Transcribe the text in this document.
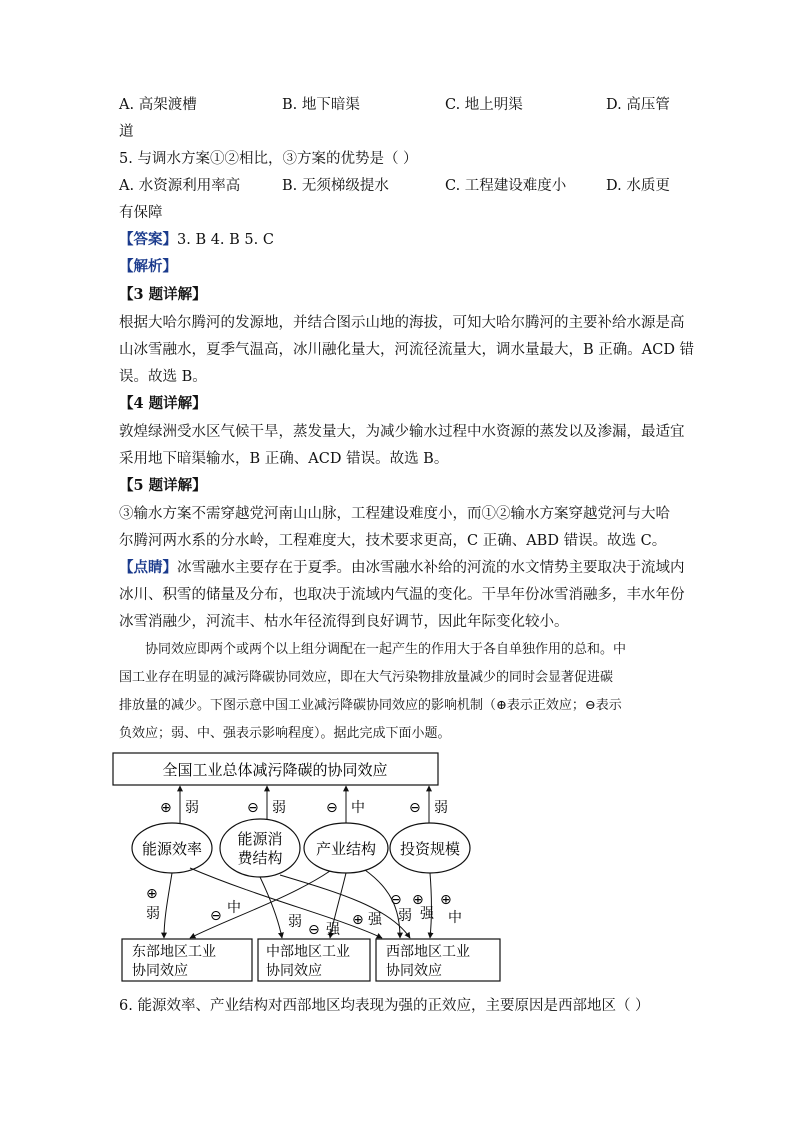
A. 高架渡槽	B. 地下暗渠	C. 地上明渠	D. 高压管
道
5. 与调水方案①②相比，③方案的优势是（ ）
A. 水资源利用率高	B. 无须梯级提水	C. 工程建设难度小	D. 水质更
有保障
【答案】3. B 4. B 5. C
【解析】
【3 题详解】
根据大哈尔腾河的发源地，并结合图示山地的海拔，可知大哈尔腾河的主要补给水源是高
山冰雪融水，夏季气温高，冰川融化量大，河流径流量大，调水量最大，B 正确。ACD 错
误。故选 B。
【4 题详解】
敦煌绿洲受水区气候干旱，蒸发量大，为减少输水过程中水资源的蒸发以及渗漏，最适宜
采用地下暗渠输水，B 正确、ACD 错误。故选 B。
【5 题详解】
③输水方案不需穿越党河南山山脉，工程建设难度小，而①②输水方案穿越党河与大哈
尔腾河两水系的分水岭，工程难度大，技术要求更高，C 正确、ABD 错误。故选 C。
【点睛】冰雪融水主要存在于夏季。由冰雪融水补给的河流的水文情势主要取决于流域内
冰川、积雪的储量及分布，也取决于流域内气温的变化。干旱年份冰雪消融多，丰水年份
冰雪消融少，河流丰、枯水年径流得到良好调节，因此年际变化较小。
协同效应即两个或两个以上组分调配在一起产生的作用大于各自单独作用的总和。中
国工业存在明显的减污降碳协同效应，即在大气污染物排放量减少的同时会显著促进碳
排放量的减少。下图示意中国工业减污降碳协同效应的影响机制（⊕表示正效应；⊖表示
负效应；弱、中、强表示影响程度）。据此完成下面小题。
全国工业总体减污降碳的协同效应
⊕ 弱	⊖ 弱	⊖ 中	⊖ 弱
能源效率
能源消
费结构 产业结构 投资规模
⊕
弱	⊖ 中
弱 ⊖ 强
⊕ 强
⊖
弱
⊕
强
⊕
中
东部地区工业
协同效应
中部地区工业
协同效应
西部地区工业
协同效应
6. 能源效率、产业结构对西部地区均表现为强的正效应，主要原因是西部地区（ ）
